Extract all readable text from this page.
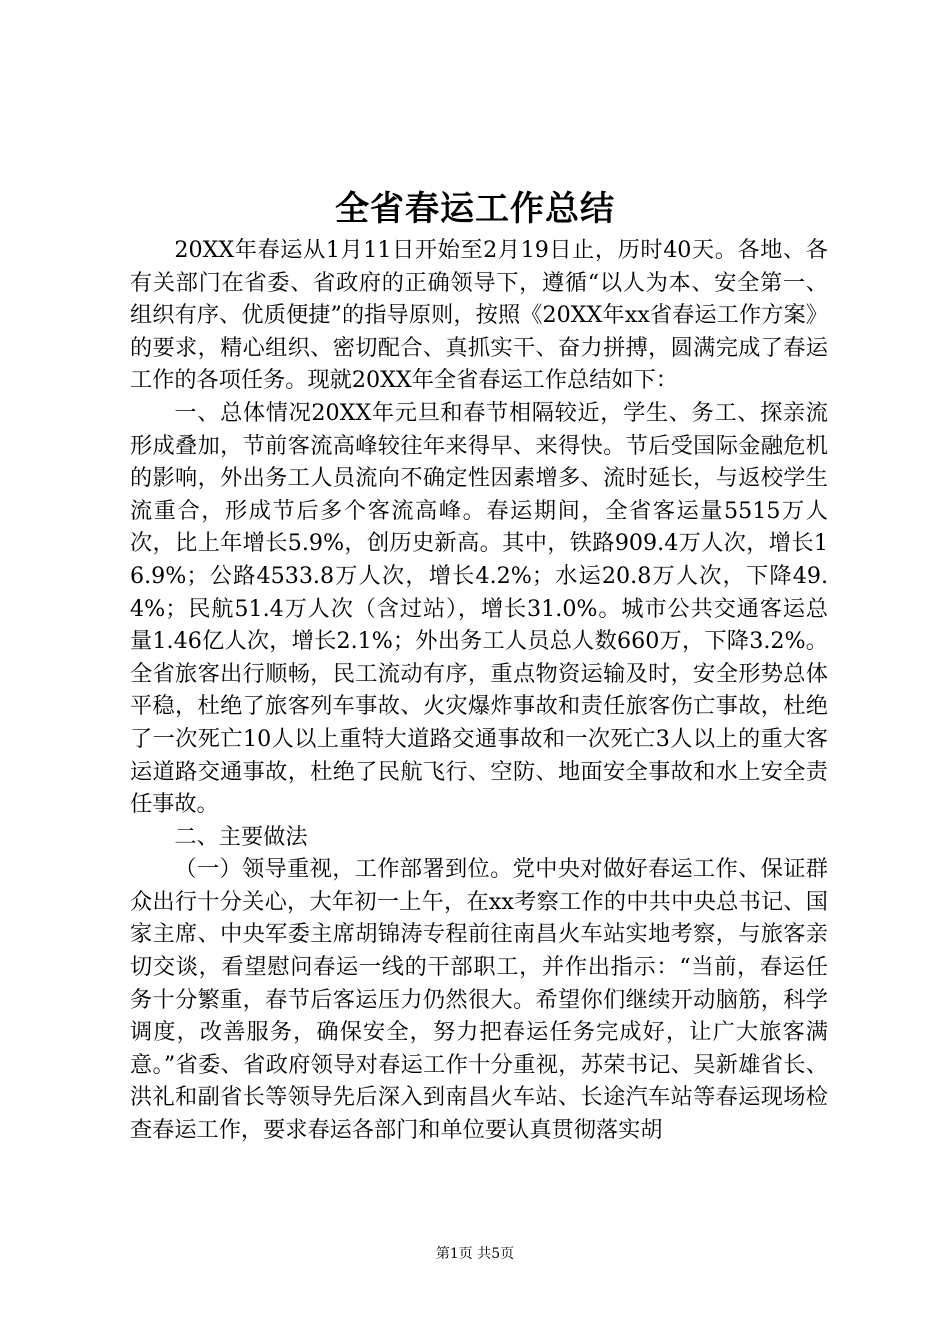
全省春运工作总结

20XX年春运从1月11日开始至2月19日止，历时40天。各地、各有关部门在省委、省政府的正确领导下，遵循“以人为本、安全第一、组织有序、优质便捷”的指导原则，按照《20XX年xx省春运工作方案》的要求，精心组织、密切配合、真抓实干、奋力拼搏，圆满完成了春运工作的各项任务。现就20XX年全省春运工作总结如下：

一、总体情况20XX年元旦和春节相隔较近，学生、务工、探亲流形成叠加，节前客流高峰较往年来得早、来得快。节后受国际金融危机的影响，外出务工人员流向不确定性因素增多、流时延长，与返校学生流重合，形成节后多个客流高峰。春运期间，全省客运量5515万人次，比上年增长5.9%，创历史新高。其中，铁路909.4万人次，增长16.9%；公路4533.8万人次，增长4.2%；水运20.8万人次，下降49.4%；民航51.4万人次（含过站），增长31.0%。城市公共交通客运总量1.46亿人次，增长2.1%；外出务工人员总人数660万，下降3.2%。全省旅客出行顺畅，民工流动有序，重点物资运输及时，安全形势总体平稳，杜绝了旅客列车事故、火灾爆炸事故和责任旅客伤亡事故，杜绝了一次死亡10人以上重特大道路交通事故和一次死亡3人以上的重大客运道路交通事故，杜绝了民航飞行、空防、地面安全事故和水上安全责任事故。

二、主要做法

（一）领导重视，工作部署到位。党中央对做好春运工作、保证群众出行十分关心，大年初一上午，在xx考察工作的中共中央总书记、国家主席、中央军委主席胡锦涛专程前往南昌火车站实地考察，与旅客亲切交谈，看望慰问春运一线的干部职工，并作出指示：“当前，春运任务十分繁重，春节后客运压力仍然很大。希望你们继续开动脑筋，科学调度，改善服务，确保安全，努力把春运任务完成好，让广大旅客满意。”省委、省政府领导对春运工作十分重视，苏荣书记、吴新雄省长、洪礼和副省长等领导先后深入到南昌火车站、长途汽车站等春运现场检查春运工作，要求春运各部门和单位要认真贯彻落实胡

第1页 共5页
